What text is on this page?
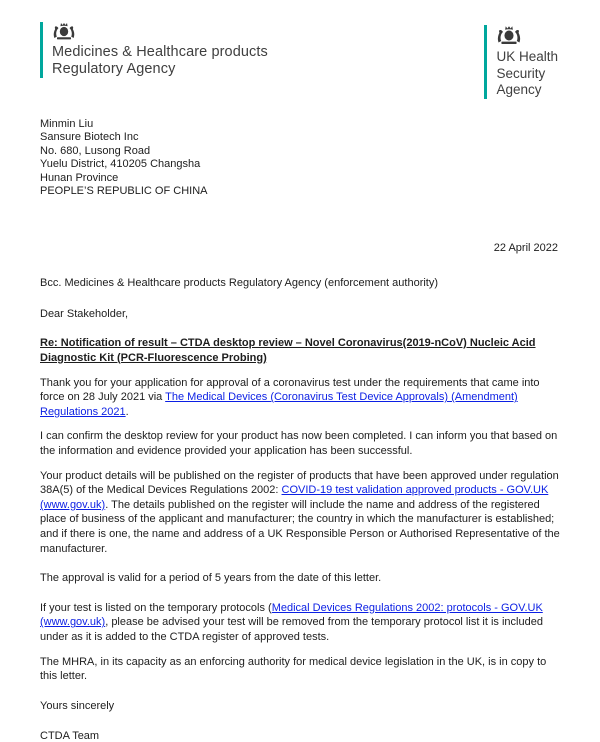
Medicines & Healthcare products
Regulatory Agency
UK Health
Security
Agency
Minmin Liu
Sansure Biotech Inc
No. 680, Lusong Road
Yuelu District, 410205 Changsha
Hunan Province
PEOPLE’S REPUBLIC OF CHINA
22 April 2022
Bcc. Medicines & Healthcare products Regulatory Agency (enforcement authority)
Dear Stakeholder,
Re: Notification of result – CTDA desktop review – Novel Coronavirus(2019-nCoV) Nucleic Acid Diagnostic Kit (PCR-Fluorescence Probing)

Thank you for your application for approval of a coronavirus test under the requirements that came into force on 28 July 2021 via The Medical Devices (Coronavirus Test Device Approvals) (Amendment) Regulations 2021.

I can confirm the desktop review for your product has now been completed. I can inform you that based on the information and evidence provided your application has been successful.

Your product details will be published on the register of products that have been approved under regulation 38A(5) of the Medical Devices Regulations 2002: COVID-19 test validation approved products - GOV.UK (www.gov.uk). The details published on the register will include the name and address of the registered place of business of the applicant and manufacturer; the country in which the manufacturer is established; and if there is one, the name and address of a UK Responsible Person or Authorised Representative of the manufacturer.

The approval is valid for a period of 5 years from the date of this letter.

If your test is listed on the temporary protocols (Medical Devices Regulations 2002: protocols - GOV.UK (www.gov.uk), please be advised your test will be removed from the temporary protocol list it is included under as it is added to the CTDA register of approved tests.

The MHRA, in its capacity as an enforcing authority for medical device legislation in the UK, is in copy to this letter.

Yours sincerely
CTDA Team
